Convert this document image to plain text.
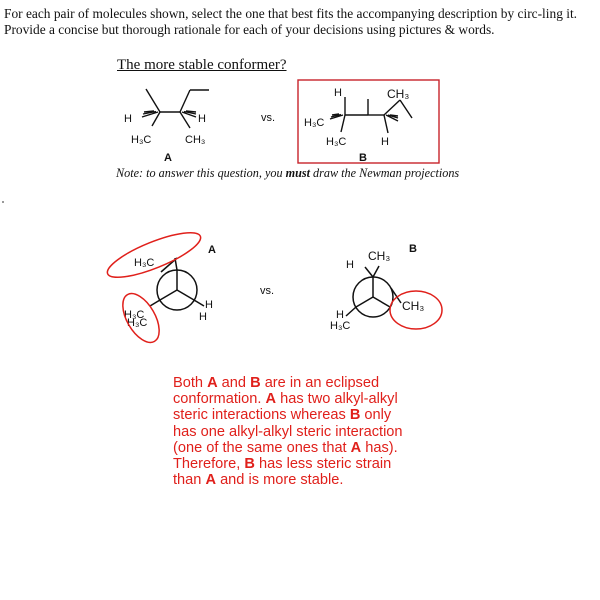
For each pair of molecules shown, select the one that best fits the accompanying description by circ-ling it. Provide a concise but thorough rationale for each of your decisions using pictures & words.

The more stable conformer?

Note: to answer this question, you must draw the Newman projections

H	H
H₃C	CH₃
A
vs.
H	CH₃
H₃C
H₃C	H
B
H₃C
H₃C
H₃C
H
H
A
vs.
H
CH₃
CH₃
H
H₃C
B

Both A and B are in an eclipsed conformation. A has two alkyl-alkyl steric interactions whereas B only has one alkyl-alkyl steric interaction (one of the same ones that A has). Therefore, B has less steric strain than A and is more stable.
